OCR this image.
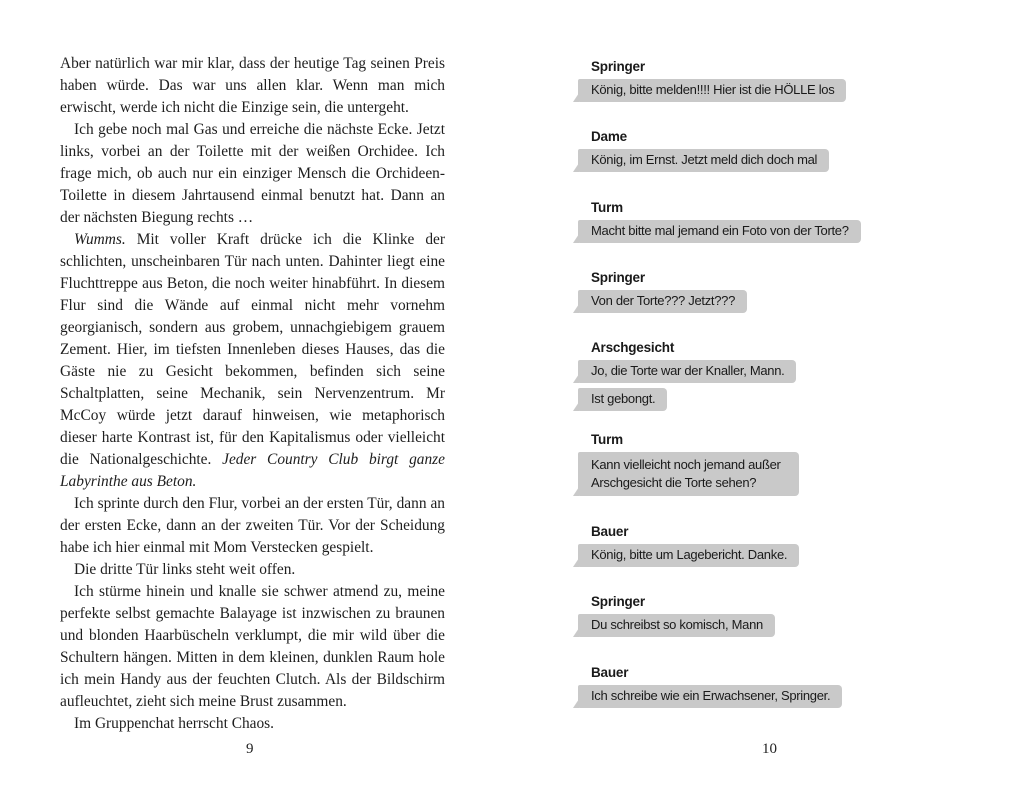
Aber natürlich war mir klar, dass der heutige Tag seinen Preis haben würde. Das war uns allen klar. Wenn man mich erwischt, werde ich nicht die Einzige sein, die untergeht.

Ich gebe noch mal Gas und erreiche die nächste Ecke. Jetzt links, vorbei an der Toilette mit der weißen Orchidee. Ich frage mich, ob auch nur ein einziger Mensch die Orchideen-Toilette in diesem Jahrtausend einmal benutzt hat. Dann an der nächsten Biegung rechts …

Wumms. Mit voller Kraft drücke ich die Klinke der schlichten, unscheinbaren Tür nach unten. Dahinter liegt eine Fluchttreppe aus Beton, die noch weiter hinabführt. In diesem Flur sind die Wände auf einmal nicht mehr vornehm georgianisch, sondern aus grobem, unnachgiebigem grauem Zement. Hier, im tiefsten Innenleben dieses Hauses, das die Gäste nie zu Gesicht bekommen, befinden sich seine Schaltplatten, seine Mechanik, sein Nervenzentrum. Mr McCoy würde jetzt darauf hinweisen, wie metaphorisch dieser harte Kontrast ist, für den Kapitalismus oder vielleicht die Nationalgeschichte. Jeder Country Club birgt ganze Labyrinthe aus Beton.

Ich sprinte durch den Flur, vorbei an der ersten Tür, dann an der ersten Ecke, dann an der zweiten Tür. Vor der Scheidung habe ich hier einmal mit Mom Verstecken gespielt.

Die dritte Tür links steht weit offen.

Ich stürme hinein und knalle sie schwer atmend zu, meine perfekte selbst gemachte Balayage ist inzwischen zu braunen und blonden Haarbüscheln verklumpt, die mir wild über die Schultern hängen. Mitten in dem kleinen, dunklen Raum hole ich mein Handy aus der feuchten Clutch. Als der Bildschirm aufleuchtet, zieht sich meine Brust zusammen.

Im Gruppenchat herrscht Chaos.

9
Springer
König, bitte melden!!!! Hier ist die HÖLLE los
Dame
König, im Ernst. Jetzt meld dich doch mal
Turm
Macht bitte mal jemand ein Foto von der Torte?
Springer
Von der Torte??? Jetzt???
Arschgesicht
Jo, die Torte war der Knaller, Mann.
Ist gebongt.
Turm
Kann vielleicht noch jemand außer Arschgesicht die Torte sehen?
Bauer
König, bitte um Lagebericht. Danke.
Springer
Du schreibst so komisch, Mann
Bauer
Ich schreibe wie ein Erwachsener, Springer.
10
